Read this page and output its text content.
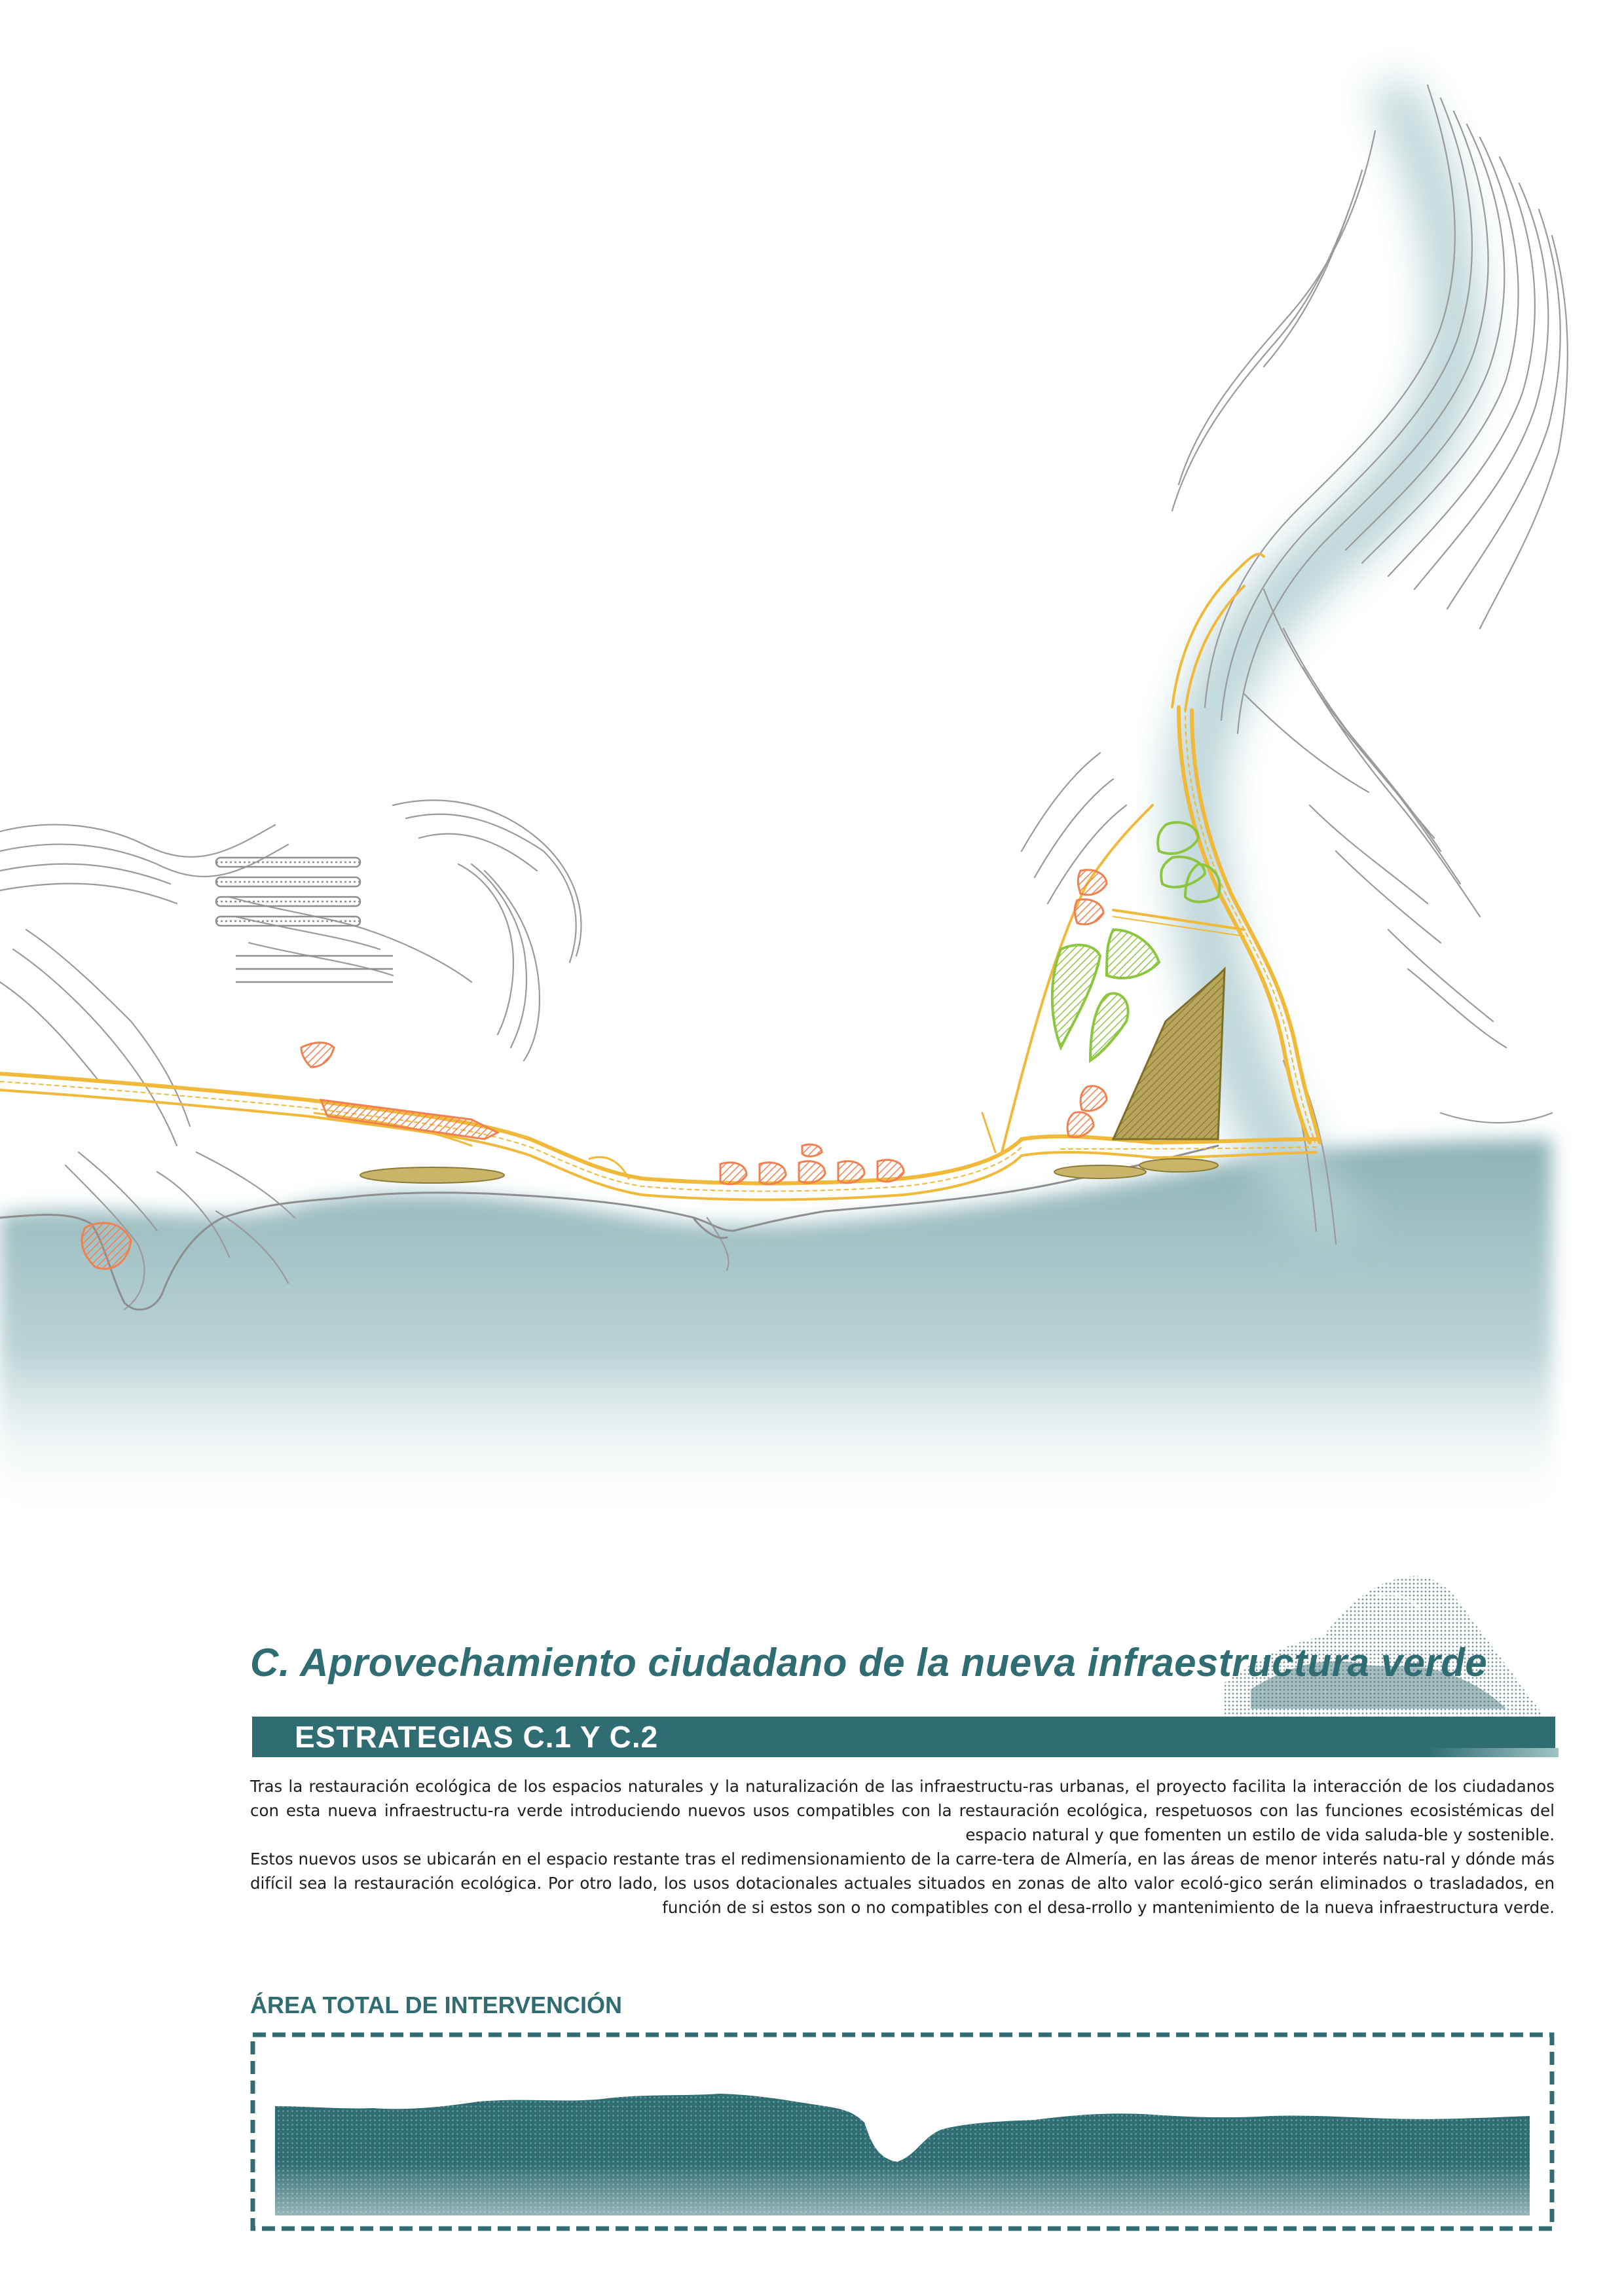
C. Aprovechamiento ciudadano de la nueva infraestructura verde
ESTRATEGIAS C.1 Y C.2

Tras la restauración ecológica de los espacios naturales y la naturalización de las infraestructu-ras urbanas, el proyecto facilita la interacción de los ciudadanos con esta nueva infraestructu-ra verde introduciendo nuevos usos compatibles con la restauración ecológica, respetuosos con las funciones ecosistémicas del espacio natural y que fomenten un estilo de vida saluda-ble y sostenible.

Estos nuevos usos se ubicarán en el espacio restante tras el redimensionamiento de la carre-tera de Almería, en las áreas de menor interés natu-ral y dónde más difícil sea la restauración ecológica. Por otro lado, los usos dotacionales actuales situados en zonas de alto valor ecoló-gico serán eliminados o trasladados, en función de si estos son o no compatibles con el desa-rrollo y mantenimiento de la nueva infraestructura verde.

ÁREA TOTAL DE INTERVENCIÓN
